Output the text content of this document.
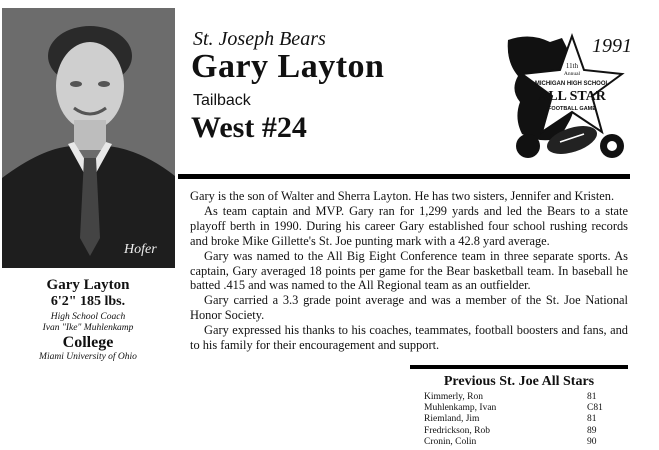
Hofer
St. Joseph Bears
Gary Layton
Tailback
West #24
1991
11th
Annual
MICHIGAN HIGH SCHOOL
ALL STAR
FOOTBALL GAME

Gary is the son of Walter and Sherra Layton. He has two sisters, Jennifer and Kristen.

As team captain and MVP. Gary ran for 1,299 yards and led the Bears to a state playoff berth in 1990. During his career Gary established four school rushing records and broke Mike Gillette's St. Joe punting mark with a 42.8 yard average.

Gary was named to the All Big Eight Conference team in three separate sports. As captain, Gary averaged 18 points per game for the Bear basketball team. In baseball he batted .415 and was named to the All Regional team as an outfielder.

Gary carried a 3.3 grade point average and was a member of the St. Joe National Honor Society.

Gary expressed his thanks to his coaches, teammates, football boosters and fans, and to his family for their encouragement and support.

Gary Layton
6'2" 185 lbs.
High School Coach
Ivan "Ike" Muhlenkamp
College
Miami University of Ohio
Previous St. Joe All Stars
Kimmerly, Ron	81
Muhlenkamp, Ivan	C81
Riemland, Jim	81
Fredrickson, Rob	89
Cronin, Colin	90
